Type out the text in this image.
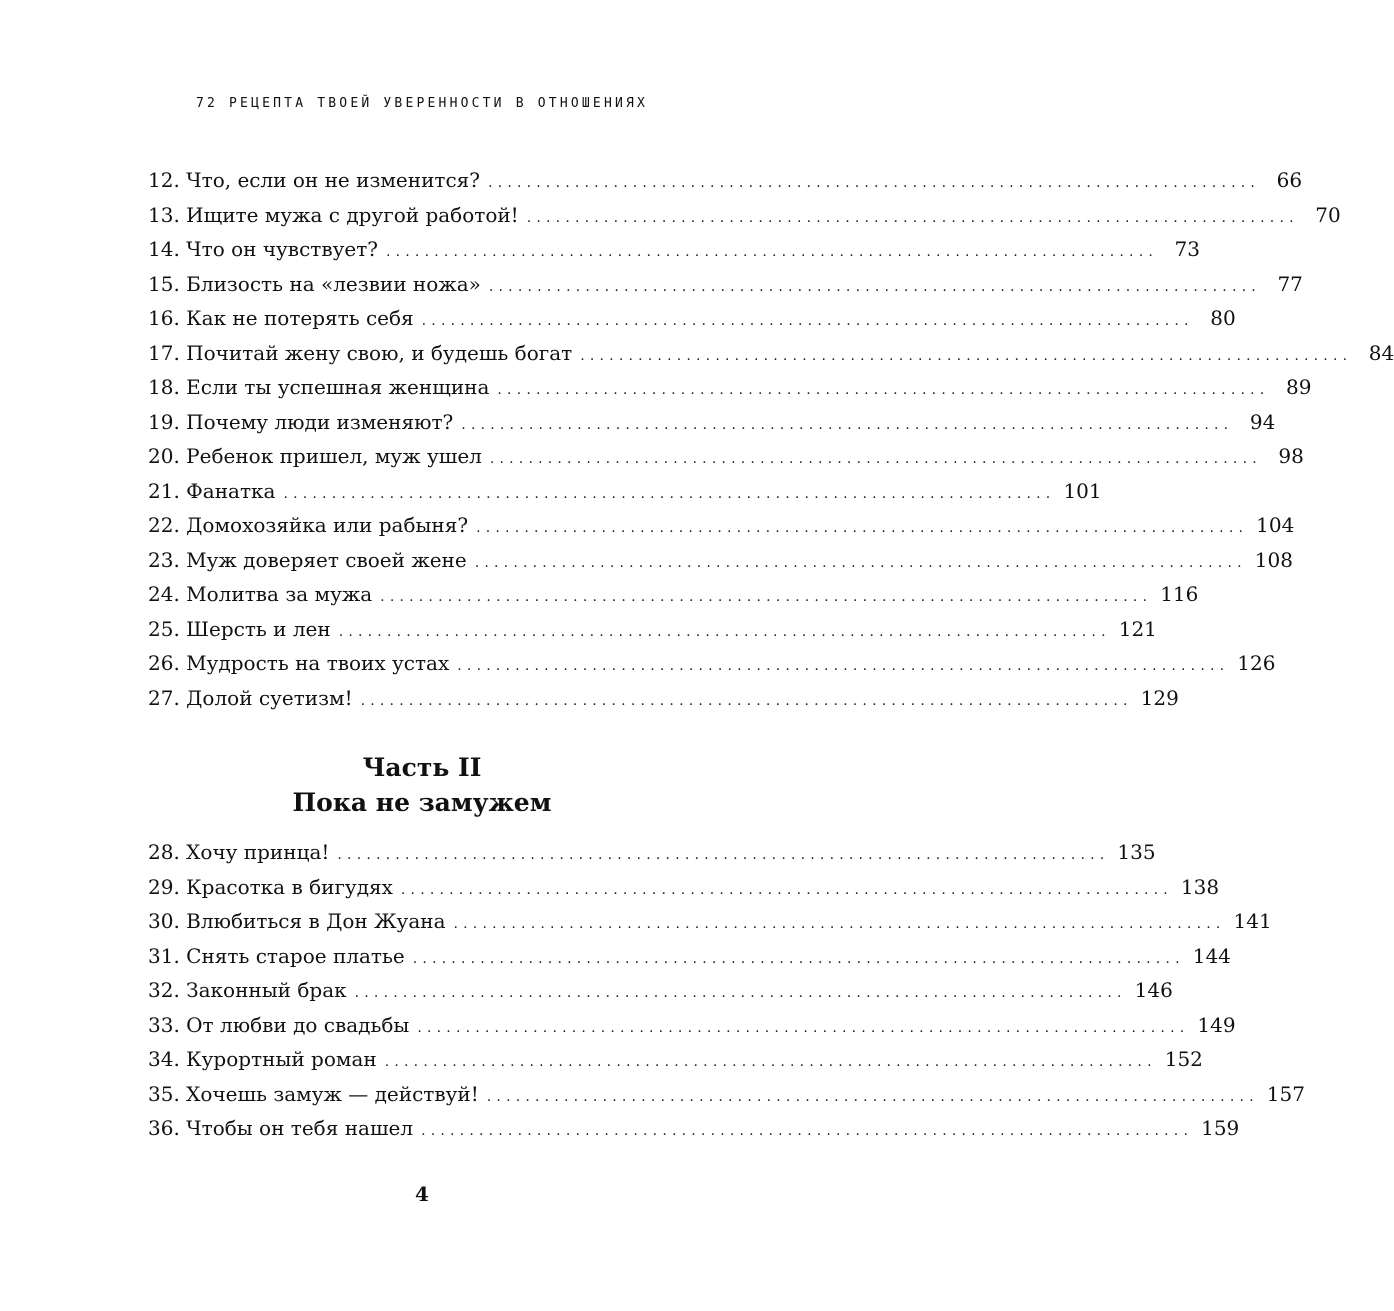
72 РЕЦЕПТА ТВОЕЙ УВЕРЕННОСТИ В ОТНОШЕНИЯХ
12. Что, если он не изменится? ................................................................................ 66
13. Ищите мужа с другой работой! ................................................................................ 70
14. Что он чувствует? ................................................................................ 73
15. Близость на «лезвии ножа» ................................................................................ 77
16. Как не потерять себя ................................................................................ 80
17. Почитай жену свою, и будешь богат ................................................................................ 84
18. Если ты успешная женщина ................................................................................ 89
19. Почему люди изменяют? ................................................................................ 94
20. Ребенок пришел, муж ушел ................................................................................ 98
21. Фанатка ................................................................................ 101
22. Домохозяйка или рабыня? ................................................................................ 104
23. Муж доверяет своей жене ................................................................................ 108
24. Молитва за мужа ................................................................................ 116
25. Шерсть и лен ................................................................................ 121
26. Мудрость на твоих устах ................................................................................ 126
27. Долой суетизм! ................................................................................ 129
Часть II
Пока не замужем
28. Хочу принца! ................................................................................ 135
29. Красотка в бигудях ................................................................................ 138
30. Влюбиться в Дон Жуана ................................................................................ 141
31. Снять старое платье ................................................................................ 144
32. Законный брак ................................................................................ 146
33. От любви до свадьбы ................................................................................ 149
34. Курортный роман ................................................................................ 152
35. Хочешь замуж — действуй! ................................................................................ 157
36. Чтобы он тебя нашел ................................................................................ 159
4
